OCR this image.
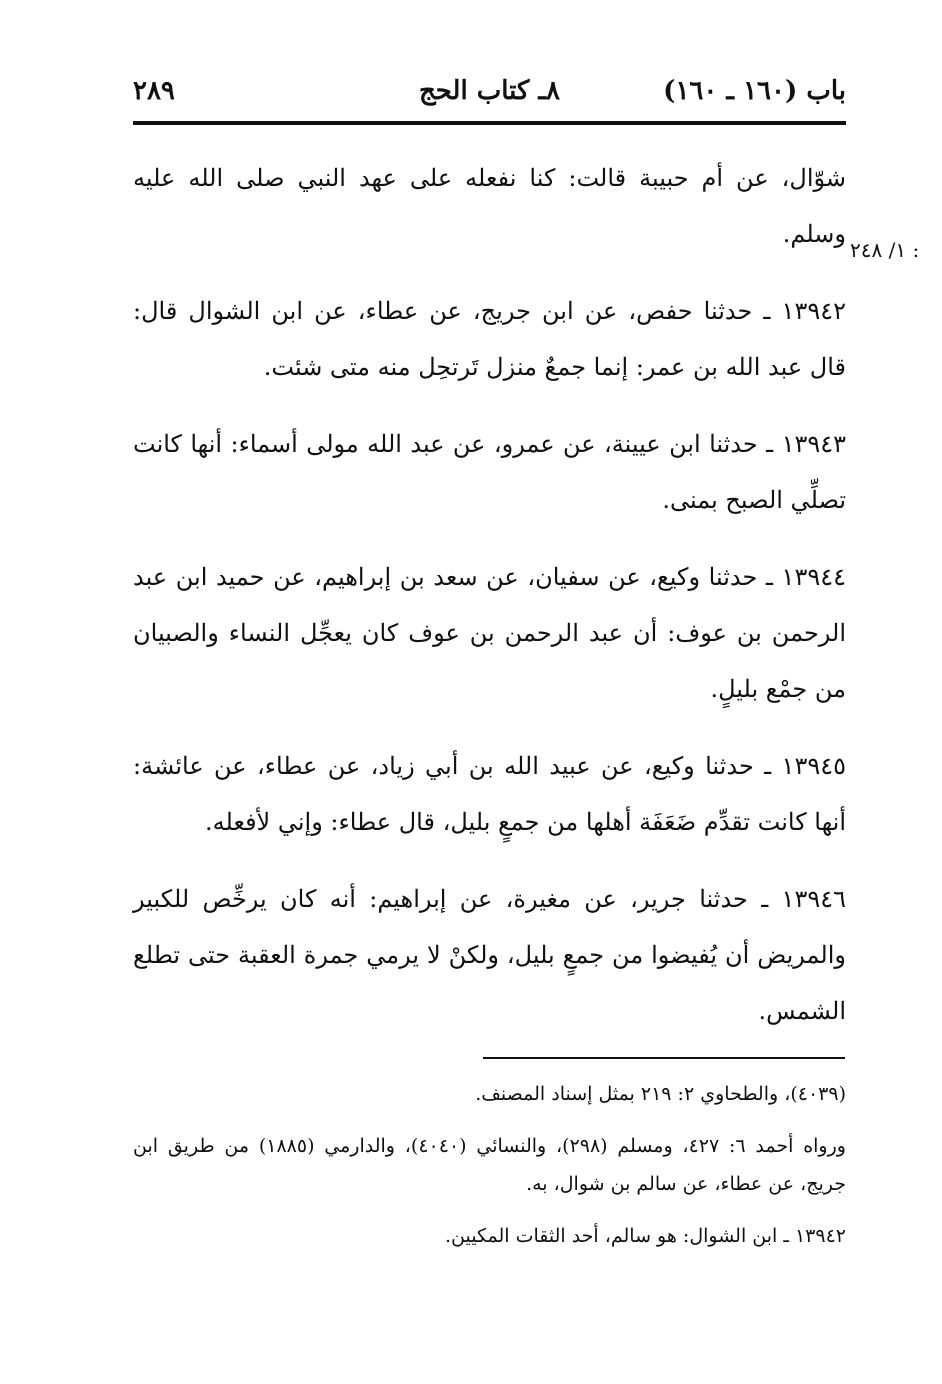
باب (١٦٠ ـ ١٦٠)
٨ـ كتاب الحج
٢٨٩
١/ ٢٤٨ :

شوّال، عن أم حبيبة قالت: كنا نفعله على عهد النبي صلى الله عليه وسلم.

١٣٩٤٢ ـ حدثنا حفص، عن ابن جريج، عن عطاء، عن ابن الشوال قال: قال عبد الله بن عمر: إنما جمعٌ منزل تَرتحِل منه متى شئت.

١٣٩٤٣ ـ حدثنا ابن عيينة، عن عمرو، عن عبد الله مولى أسماء: أنها كانت تصلِّي الصبح بمنى.

١٣٩٤٤ ـ حدثنا وكيع، عن سفيان، عن سعد بن إبراهيم، عن حميد ابن عبد الرحمن بن عوف: أن عبد الرحمن بن عوف كان يعجِّل النساء والصبيان من جمْع بليلٍ.

١٣٩٤٥ ـ حدثنا وكيع، عن عبيد الله بن أبي زياد، عن عطاء، عن عائشة: أنها كانت تقدِّم ضَعَفَة أهلها من جمعٍ بليل، قال عطاء: وإني لأفعله.

١٣٩٤٦ ـ حدثنا جرير، عن مغيرة، عن إبراهيم: أنه كان يرخِّص للكبير والمريض أن يُفيضوا من جمعٍ بليل، ولكنْ لا يرمي جمرة العقبة حتى تطلع الشمس.

(٤٠٣٩)، والطحاوي ٢: ٢١٩ بمثل إسناد المصنف.

ورواه أحمد ٦: ٤٢٧، ومسلم (٢٩٨)، والنسائي (٤٠٤٠)، والدارمي (١٨٨٥) من طريق ابن جريج، عن عطاء، عن سالم بن شوال، به.

١٣٩٤٢ ـ ابن الشوال: هو سالم، أحد الثقات المكيين.
